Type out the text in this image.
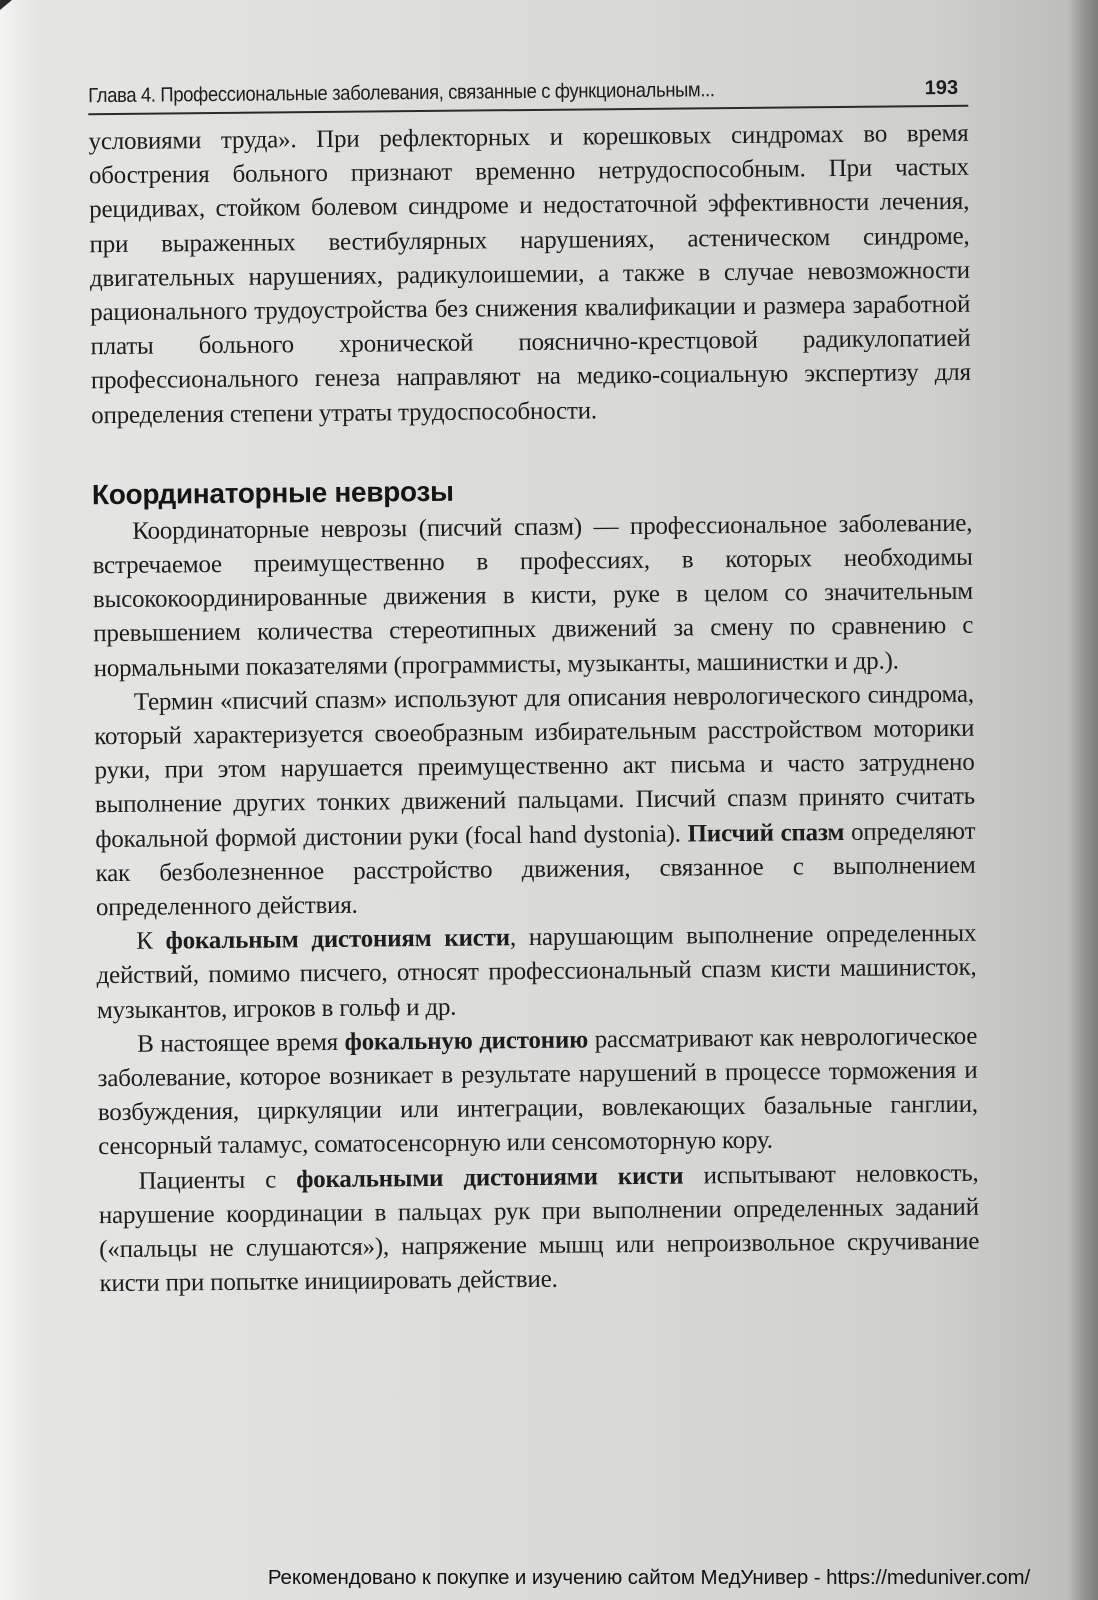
Глава 4. Профессиональные заболевания, связанные с функциональным...	193

условиями труда». При рефлекторных и корешковых синдромах во время обострения больного признают временно нетрудоспособным. При частых рецидивах, стойком болевом синдроме и недостаточной эффективности лечения, при выраженных вестибулярных нарушениях, астеническом синдроме, двигательных нарушениях, радикулоишемии, а также в случае невозможности рационального трудоустройства без снижения квалификации и размера заработной платы больного хронической пояснично-крестцовой радикулопатией профессионального генеза направляют на медико-социальную экспертизу для определения степени утраты трудоспособности.

Координаторные неврозы

Координаторные неврозы (писчий спазм) — профессиональное заболевание, встречаемое преимущественно в профессиях, в которых необходимы высококоординированные движения в кисти, руке в целом со значительным превышением количества стереотипных движений за смену по сравнению с нормальными показателями (программисты, музыканты, машинистки и др.).

Термин «писчий спазм» используют для описания неврологического синдрома, который характеризуется своеобразным избирательным расстройством моторики руки, при этом нарушается преимущественно акт письма и часто затруднено выполнение других тонких движений пальцами. Писчий спазм принято считать фокальной формой дистонии руки (focal hand dystonia). Писчий спазм определяют как безболезненное расстройство движения, связанное с выполнением определенного действия.

К фокальным дистониям кисти, нарушающим выполнение определенных действий, помимо писчего, относят профессиональный спазм кисти машинисток, музыкантов, игроков в гольф и др.

В настоящее время фокальную дистонию рассматривают как неврологическое заболевание, которое возникает в результате нарушений в процессе торможения и возбуждения, циркуляции или интеграции, вовлекающих базальные ганглии, сенсорный таламус, соматосенсорную или сенсомоторную кору.

Пациенты с фокальными дистониями кисти испытывают неловкость, нарушение координации в пальцах рук при выполнении определенных заданий («пальцы не слушаются»), напряжение мышц или непроизвольное скручивание кисти при попытке инициировать действие.

Рекомендовано к покупке и изучению сайтом МедУнивер - https://meduniver.com/
